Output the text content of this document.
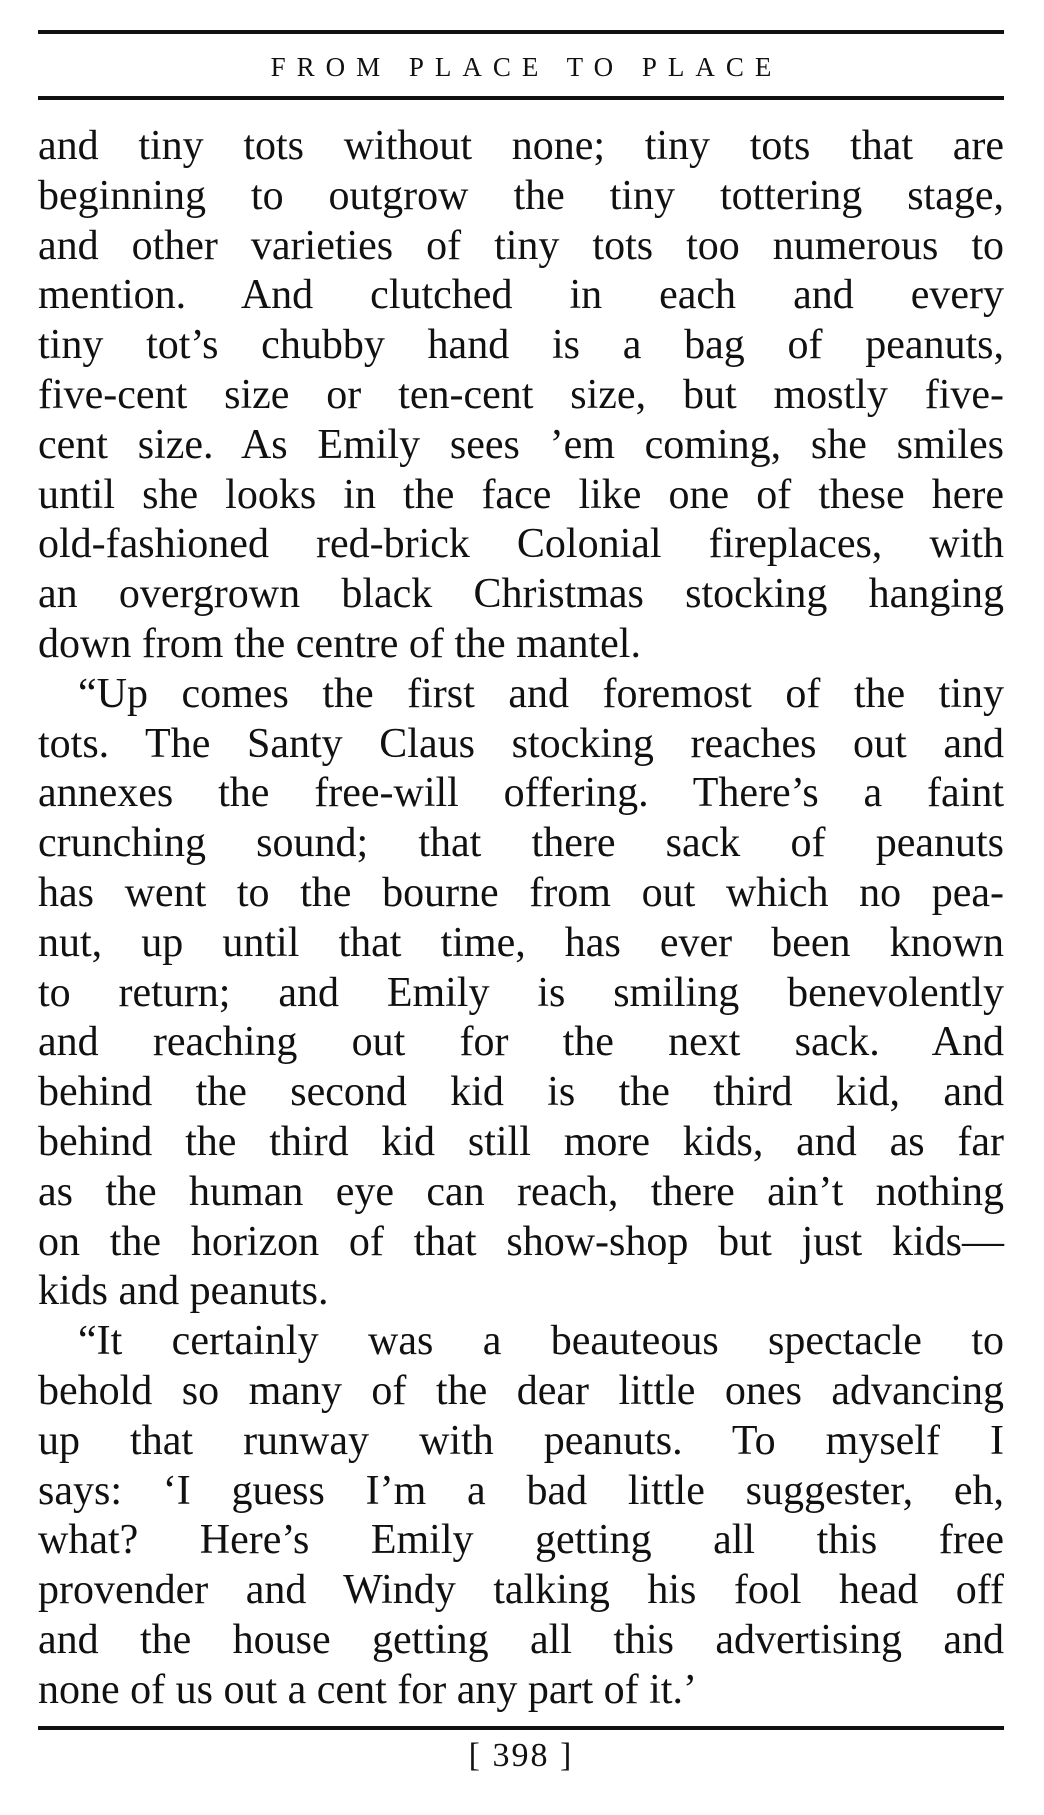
FROM PLACE TO PLACE
and tiny tots without none; tiny tots that are
beginning to outgrow the tiny tottering stage,
and other varieties of tiny tots too numerous to
mention. And clutched in each and every
tiny tot’s chubby hand is a bag of peanuts,
five-cent size or ten-cent size, but mostly five-
cent size. As Emily sees ’em coming, she smiles
until she looks in the face like one of these here
old-fashioned red-brick Colonial fireplaces, with
an overgrown black Christmas stocking hanging
down from the centre of the mantel.
“Up comes the first and foremost of the tiny
tots. The Santy Claus stocking reaches out and
annexes the free-will offering. There’s a faint
crunching sound; that there sack of peanuts
has went to the bourne from out which no pea-
nut, up until that time, has ever been known
to return; and Emily is smiling benevolently
and reaching out for the next sack. And
behind the second kid is the third kid, and
behind the third kid still more kids, and as far
as the human eye can reach, there ain’t nothing
on the horizon of that show-shop but just kids—
kids and peanuts.
“It certainly was a beauteous spectacle to
behold so many of the dear little ones advancing
up that runway with peanuts. To myself I
says: ‘I guess I’m a bad little suggester, eh,
what? Here’s Emily getting all this free
provender and Windy talking his fool head off
and the house getting all this advertising and
none of us out a cent for any part of it.’
[ 398 ]
